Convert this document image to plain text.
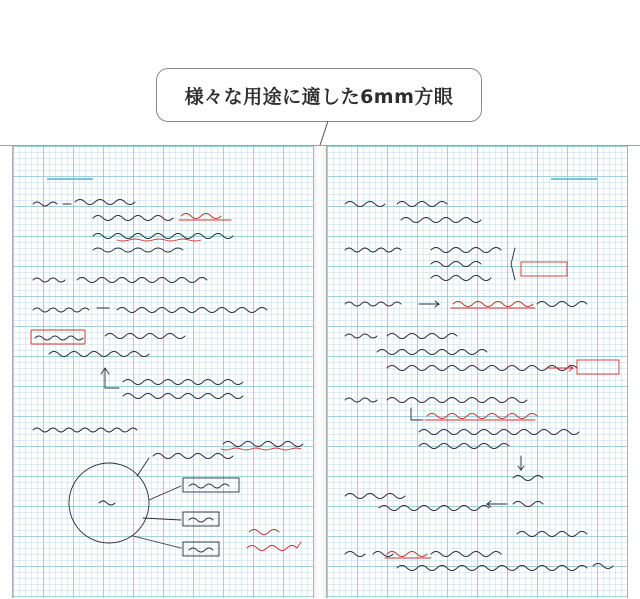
様々な用途に適した6mm方眼
